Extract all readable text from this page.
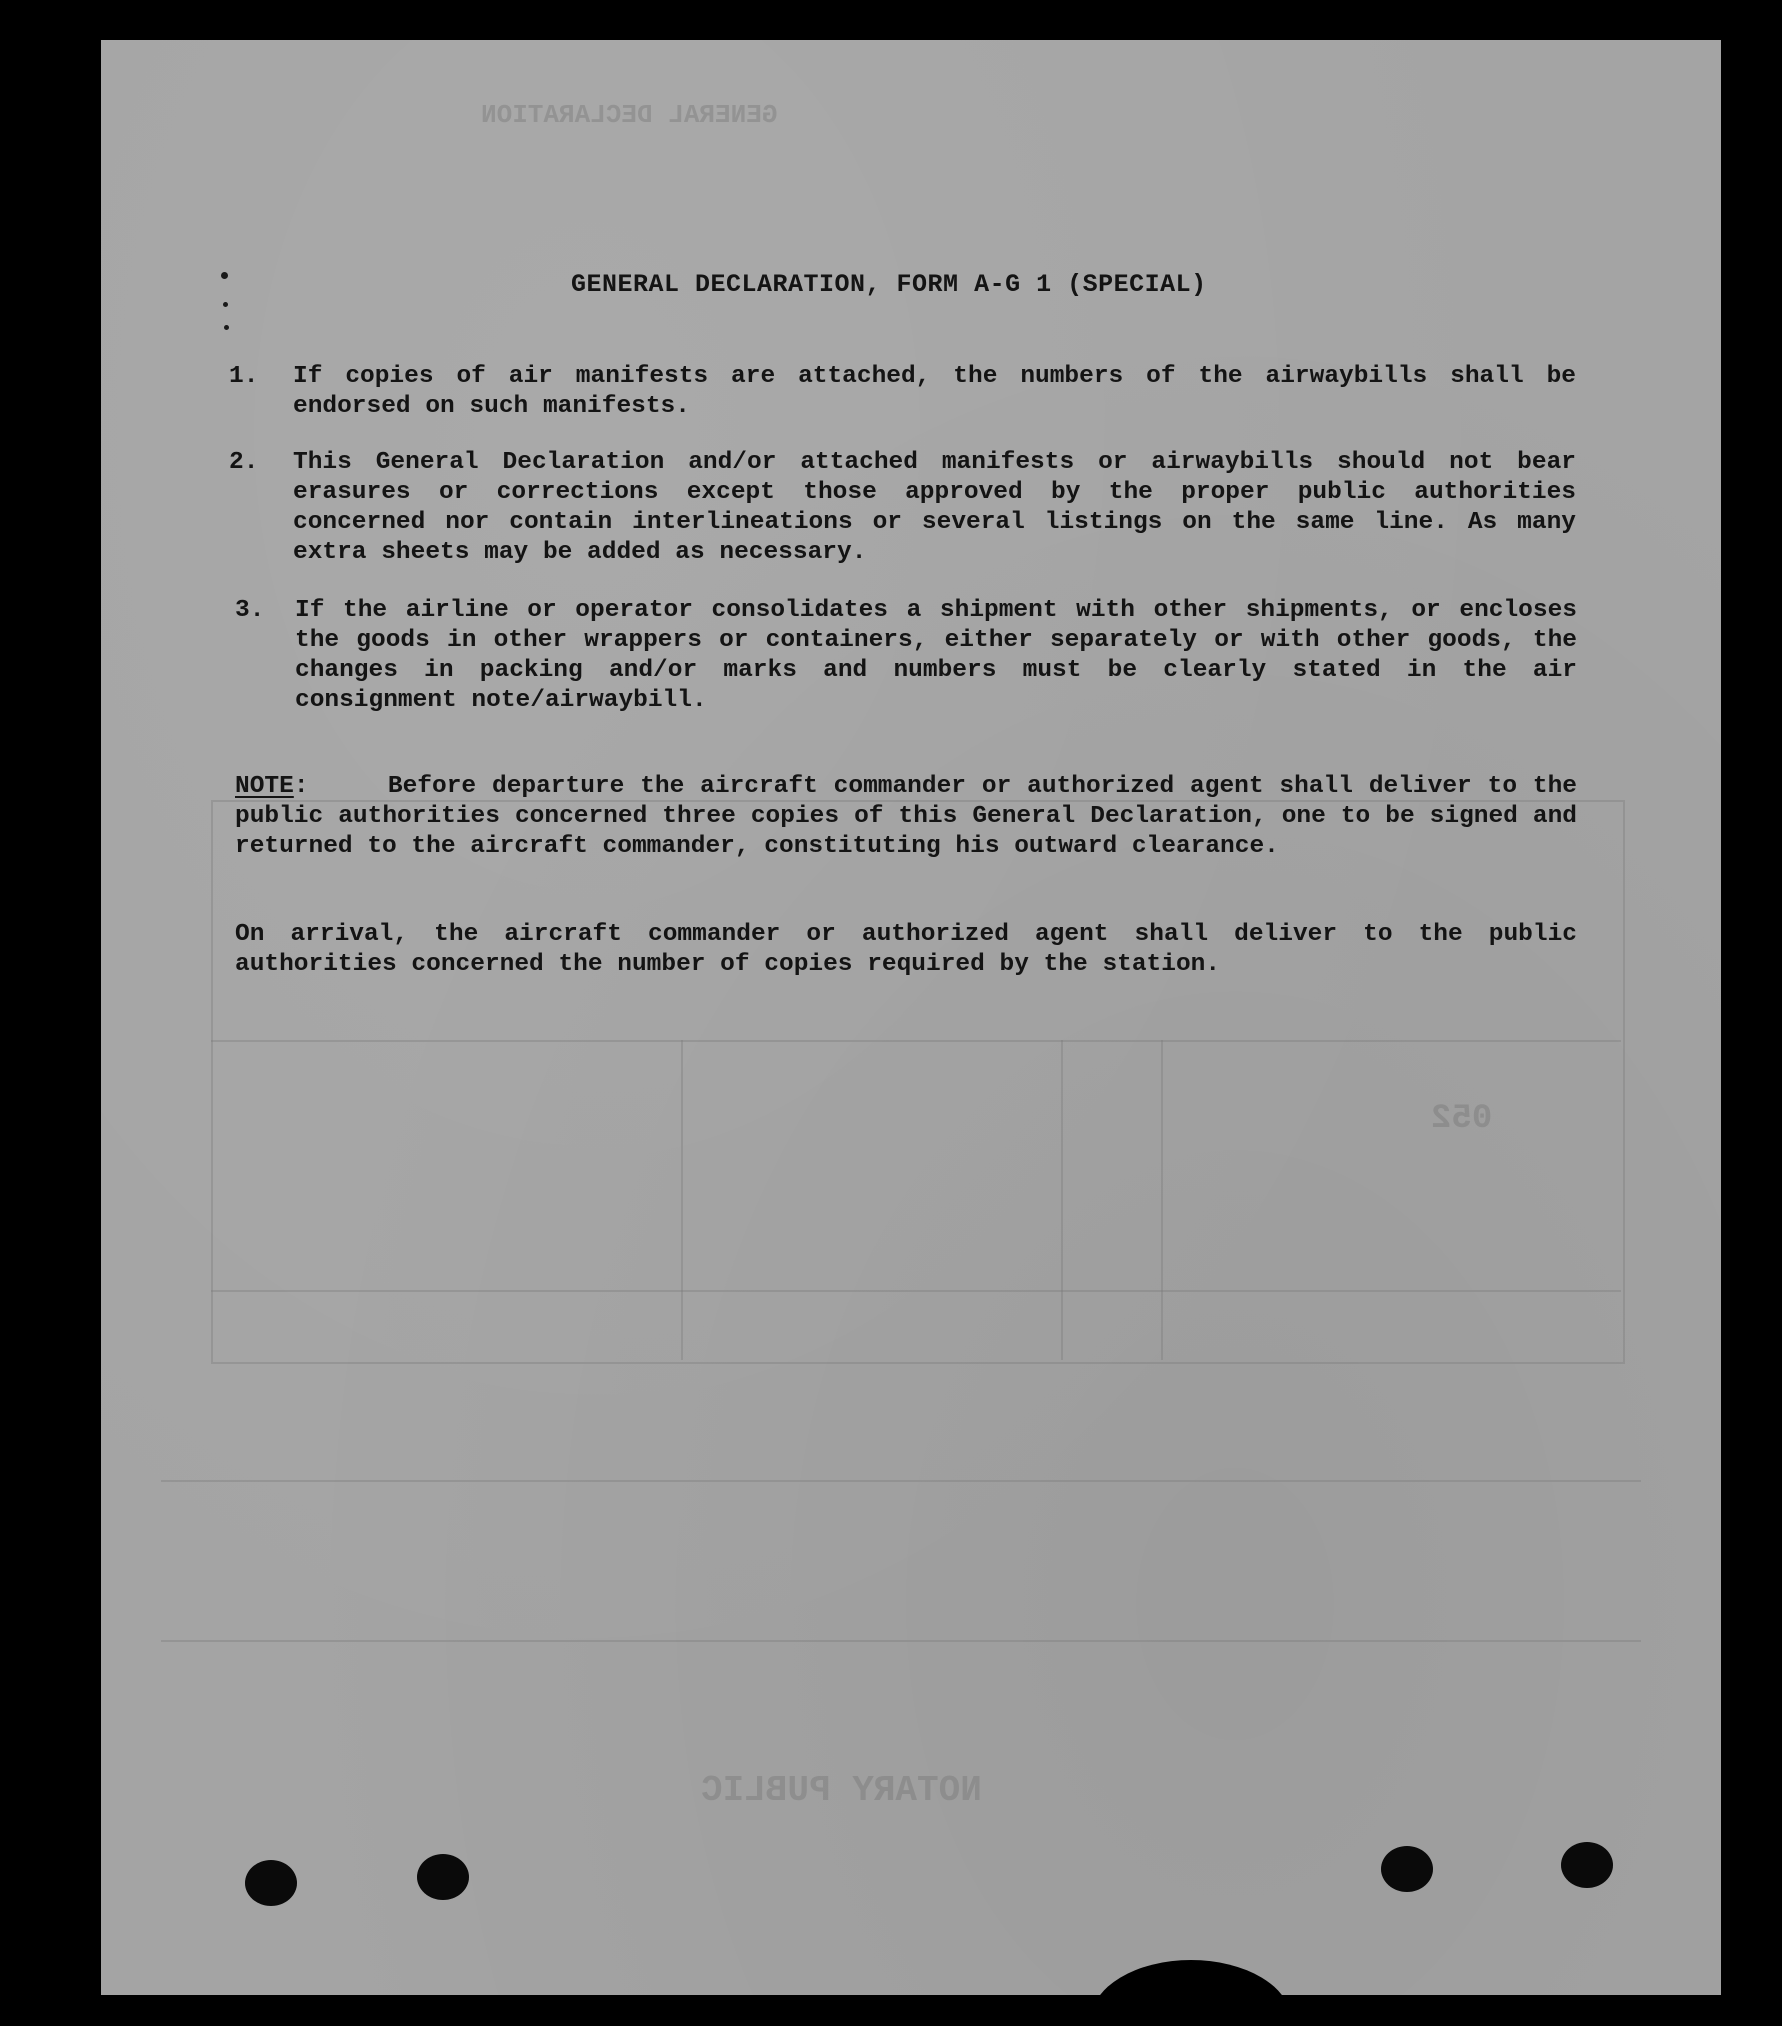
052
GENERAL DECLARATION
NOTARY PUBLIC
GENERAL DECLARATION, FORM A-G 1 (SPECIAL)
1. If copies of air manifests are attached, the numbers of the airwaybills shall be endorsed on such manifests.
2. This General Declaration and/or attached manifests or airwaybills should not bear erasures or corrections except those approved by the proper public authorities concerned nor contain interlineations or several listings on the same line. As many extra sheets may be added as necessary.
3. If the airline or operator consolidates a shipment with other shipments, or encloses the goods in other wrappers or containers, either separately or with other goods, the changes in packing and/or marks and numbers must be clearly stated in the air consignment note/airwaybill.
NOTE:	Before departure the aircraft commander or authorized agent shall deliver to the public authorities concerned three copies of this General Declaration, one to be signed and returned to the aircraft commander, constituting his outward clearance.
On arrival, the aircraft commander or authorized agent shall deliver to the public authorities concerned the number of copies required by the station.
